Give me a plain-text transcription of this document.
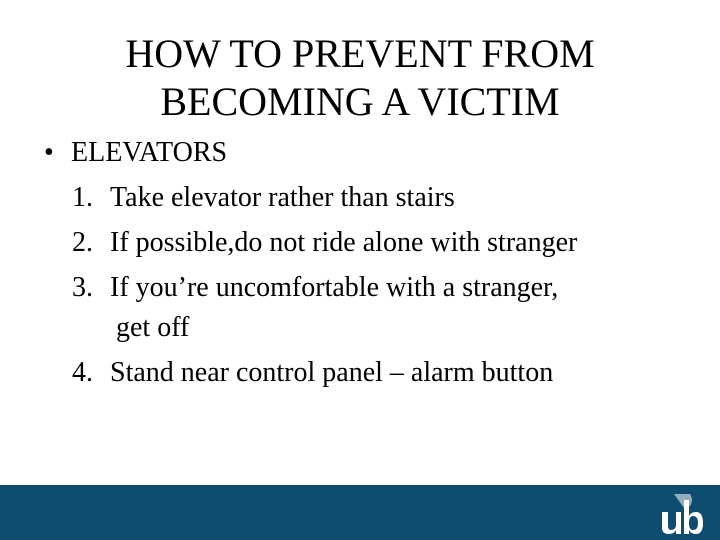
HOW TO PREVENT FROM
BECOMING A VICTIM
• ELEVATORS
1. Take elevator rather than stairs
2. If possible,do not ride alone with stranger
3. If you’re uncomfortable with a stranger,
get off
4. Stand near control panel – alarm button
